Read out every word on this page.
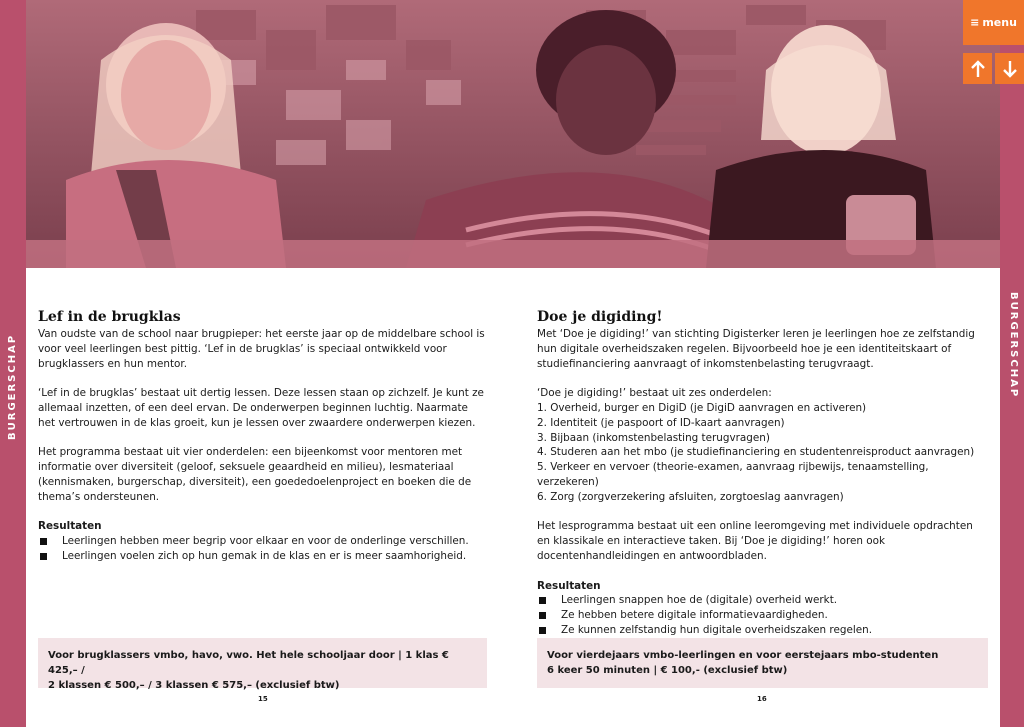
BURGERSCHAP	BURGERSCHAP
≡ menu
Lef in de brugklas

Van oudste van de school naar brugpieper: het eerste jaar op de middelbare school is voor veel leerlingen best pittig. ‘Lef in de brugklas’ is speciaal ontwikkeld voor brugklassers en hun mentor.

‘Lef in de brugklas’ bestaat uit dertig lessen. Deze lessen staan op zichzelf. Je kunt ze allemaal inzetten, of een deel ervan. De onderwerpen beginnen luchtig. Naarmate het vertrouwen in de klas groeit, kun je lessen over zwaardere onderwerpen kiezen.

Het programma bestaat uit vier onderdelen: een bijeenkomst voor mentoren met informatie over diversiteit (geloof, seksuele geaardheid en milieu), lesmateriaal (kennismaken, burgerschap, diversiteit), een goededoelenproject en boeken die de thema’s ondersteunen.

Resultaten
Leerlingen hebben meer begrip voor elkaar en voor de onderlinge verschillen.
Leerlingen voelen zich op hun gemak in de klas en er is meer saamhorigheid.
Voor brugklassers vmbo, havo, vwo. Het hele schooljaar door | 1 klas € 425,– /
2 klassen € 500,– / 3 klassen € 575,– (exclusief btw)
15
Doe je digiding!

Met ‘Doe je digiding!’ van stichting Digisterker leren je leerlingen hoe ze zelfstandig hun digitale overheidszaken regelen. Bijvoorbeeld hoe je een identiteitskaart of studiefinanciering aanvraagt of inkomstenbelasting terugvraagt.

‘Doe je digiding!’ bestaat uit zes onderdelen:
1. Overheid, burger en DigiD (je DigiD aanvragen en activeren)
2. Identiteit (je paspoort of ID-kaart aanvragen)
3. Bijbaan (inkomstenbelasting terugvragen)
4. Studeren aan het mbo (je studiefinanciering en studentenreisproduct aanvragen)
5. Verkeer en vervoer (theorie-examen, aanvraag rijbewijs, tenaamstelling, verzekeren)
6. Zorg (zorgverzekering afsluiten, zorgtoeslag aanvragen)

Het lesprogramma bestaat uit een online leeromgeving met individuele opdrachten en klassikale en interactieve taken. Bij ‘Doe je digiding!’ horen ook docentenhandleidingen en antwoordbladen.

Resultaten
Leerlingen snappen hoe de (digitale) overheid werkt.
Ze hebben betere digitale informatievaardigheden.
Ze kunnen zelfstandig hun digitale overheidszaken regelen.
Voor vierdejaars vmbo-leerlingen en voor eerstejaars mbo-studenten
6 keer 50 minuten | € 100,- (exclusief btw)
16
